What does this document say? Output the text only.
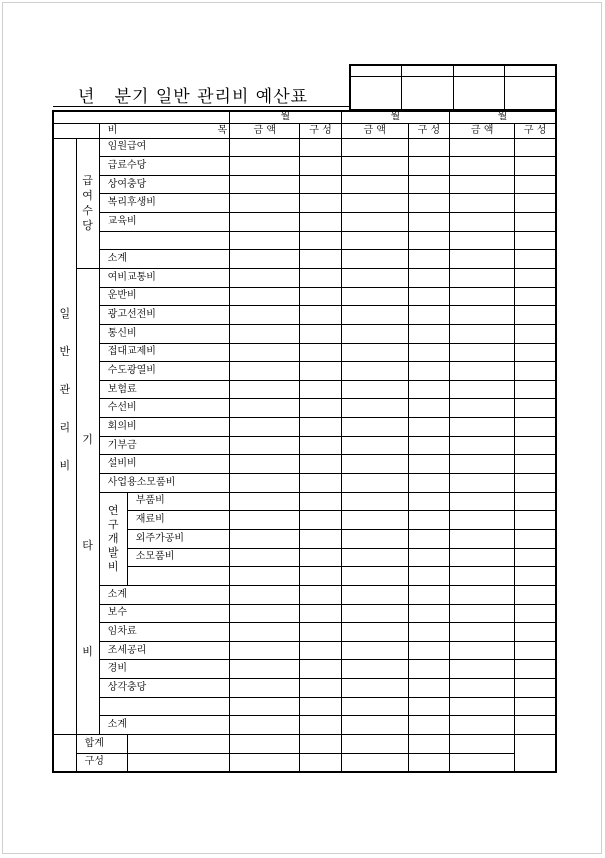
년   분기 일반 관리비 예산표

				월		월		월	
		비 목		금 액	구 성	금 액	구 성	금 액	구 성
일반관리비	급여수당	임원급여							
		급료수당							
		상여충당							
		복리후생비							
		교육비							

		소계							
	기타비	여비교통비							
		운반비							
		광고선전비							
		통신비							
		접대교제비							
		수도광열비							
		보험료							
		수선비							
		회의비							
		기부금							
		설비비							
		사업용소모품비							
		연구개발비	부품비						
			재료비						
			외주가공비						
			소모품비						

		소계							
		보수							
		임차료							
		조세공리							
		경비							
		상각충당							

		소계							
	합계								
	구성								
